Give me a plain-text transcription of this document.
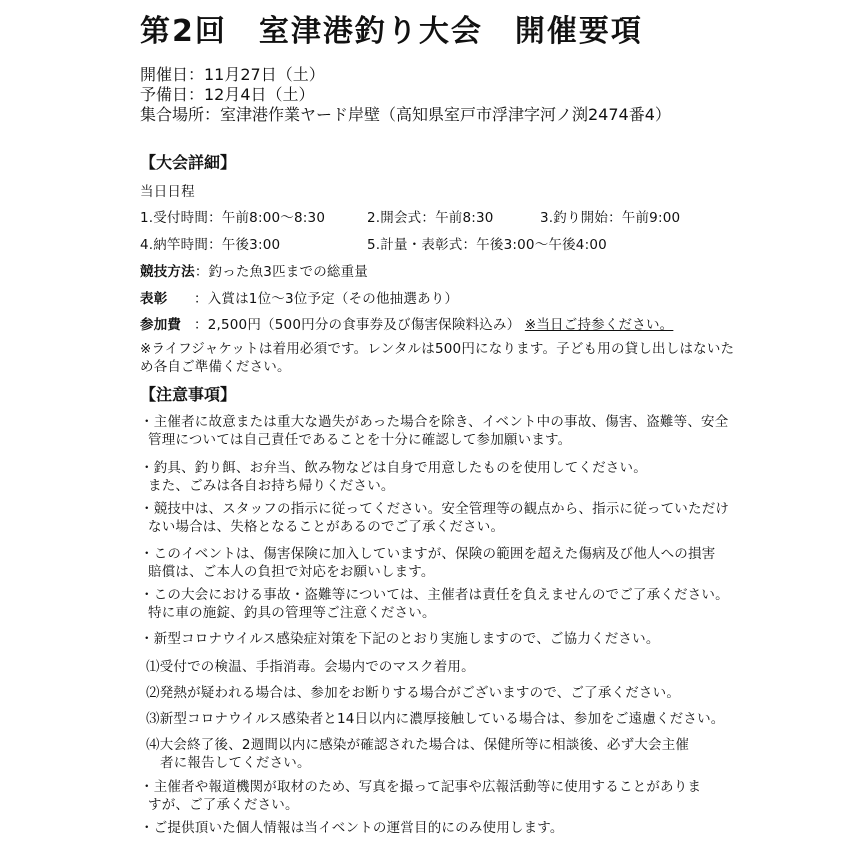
第2回　室津港釣り大会　開催要項
開催日：11月27日（土）
予備日：12月4日（土）
集合場所：室津港作業ヤード岸壁（高知県室戸市浮津字河ノ渕2474番4）
【大会詳細】
当日日程
1.受付時間：午前8:00～8:30	2.開会式：午前8:30	3.釣り開始：午前9:00
4.納竿時間：午後3:00	5.計量・表彰式：午後3:00～午後4:00
競技方法：釣った魚3匹までの総重量
表彰 ：入賞は1位～3位予定（その他抽選あり）
参加費 ：2,500円（500円分の食事券及び傷害保険料込み） ※当日ご持参ください。
※ライフジャケットは着用必須です。レンタルは500円になります。子ども用の貸し出しはないた
め各自ご準備ください。
【注意事項】
・主催者に故意または重大な過失があった場合を除き、イベント中の事故、傷害、盗難等、安全
管理については自己責任であることを十分に確認して参加願います。
・釣具、釣り餌、お弁当、飲み物などは自身で用意したものを使用してください。
また、ごみは各自お持ち帰りください。
・競技中は、スタッフの指示に従ってください。安全管理等の観点から、指示に従っていただけ
ない場合は、失格となることがあるのでご了承ください。
・このイベントは、傷害保険に加入していますが、保険の範囲を超えた傷病及び他人への損害
賠償は、ご本人の負担で対応をお願いします。
・この大会における事故・盗難等については、主催者は責任を負えませんのでご了承ください。
特に車の施錠、釣具の管理等ご注意ください。
・新型コロナウイルス感染症対策を下記のとおり実施しますので、ご協力ください。
⑴受付での検温、手指消毒。会場内でのマスク着用。
⑵発熱が疑われる場合は、参加をお断りする場合がございますので、ご了承ください。
⑶新型コロナウイルス感染者と14日以内に濃厚接触している場合は、参加をご遠慮ください。
⑷大会終了後、2週間以内に感染が確認された場合は、保健所等に相談後、必ず大会主催
者に報告してください。
・主催者や報道機関が取材のため、写真を撮って記事や広報活動等に使用することがありま
すが、ご了承ください。
・ご提供頂いた個人情報は当イベントの運営目的にのみ使用します。
